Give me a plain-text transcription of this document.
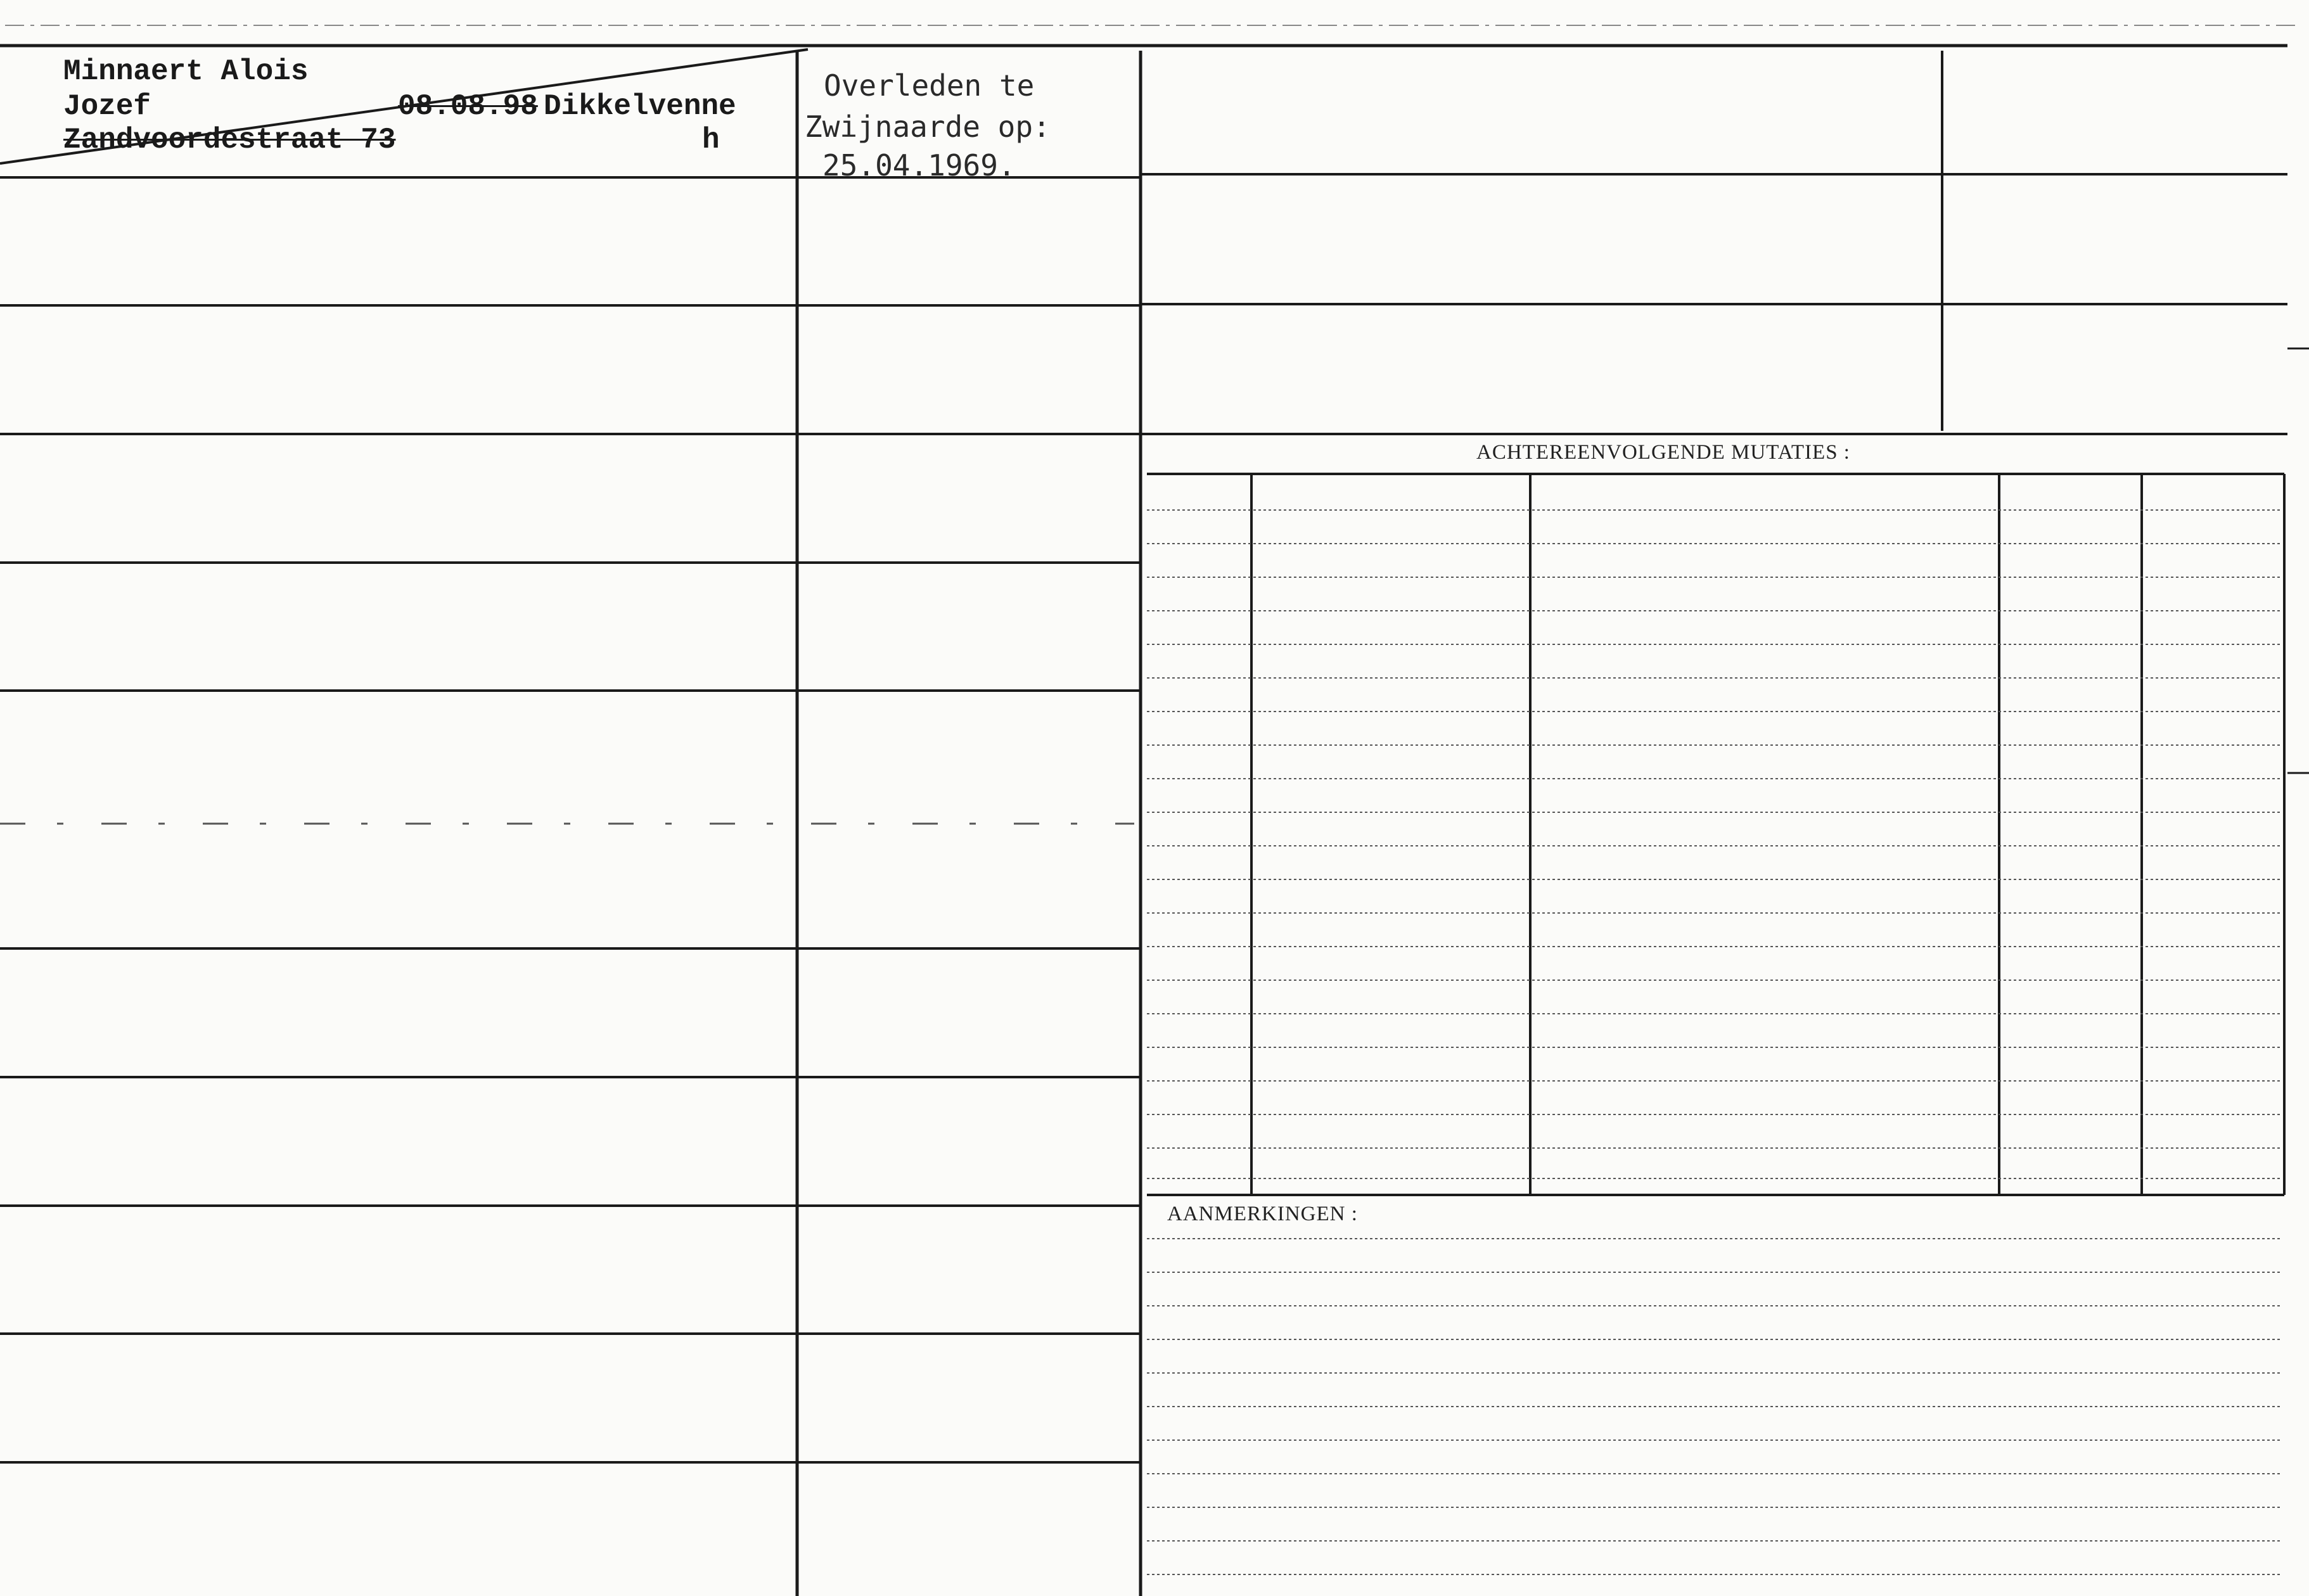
Minnaert Alois
Jozef	08.08.98 Dikkelvenne
Zandvoordestraat 73	h
Overleden te
Zwijnaarde op:
25.04.1969.
ACHTEREENVOLGENDE MUTATIES :
AANMERKINGEN :
